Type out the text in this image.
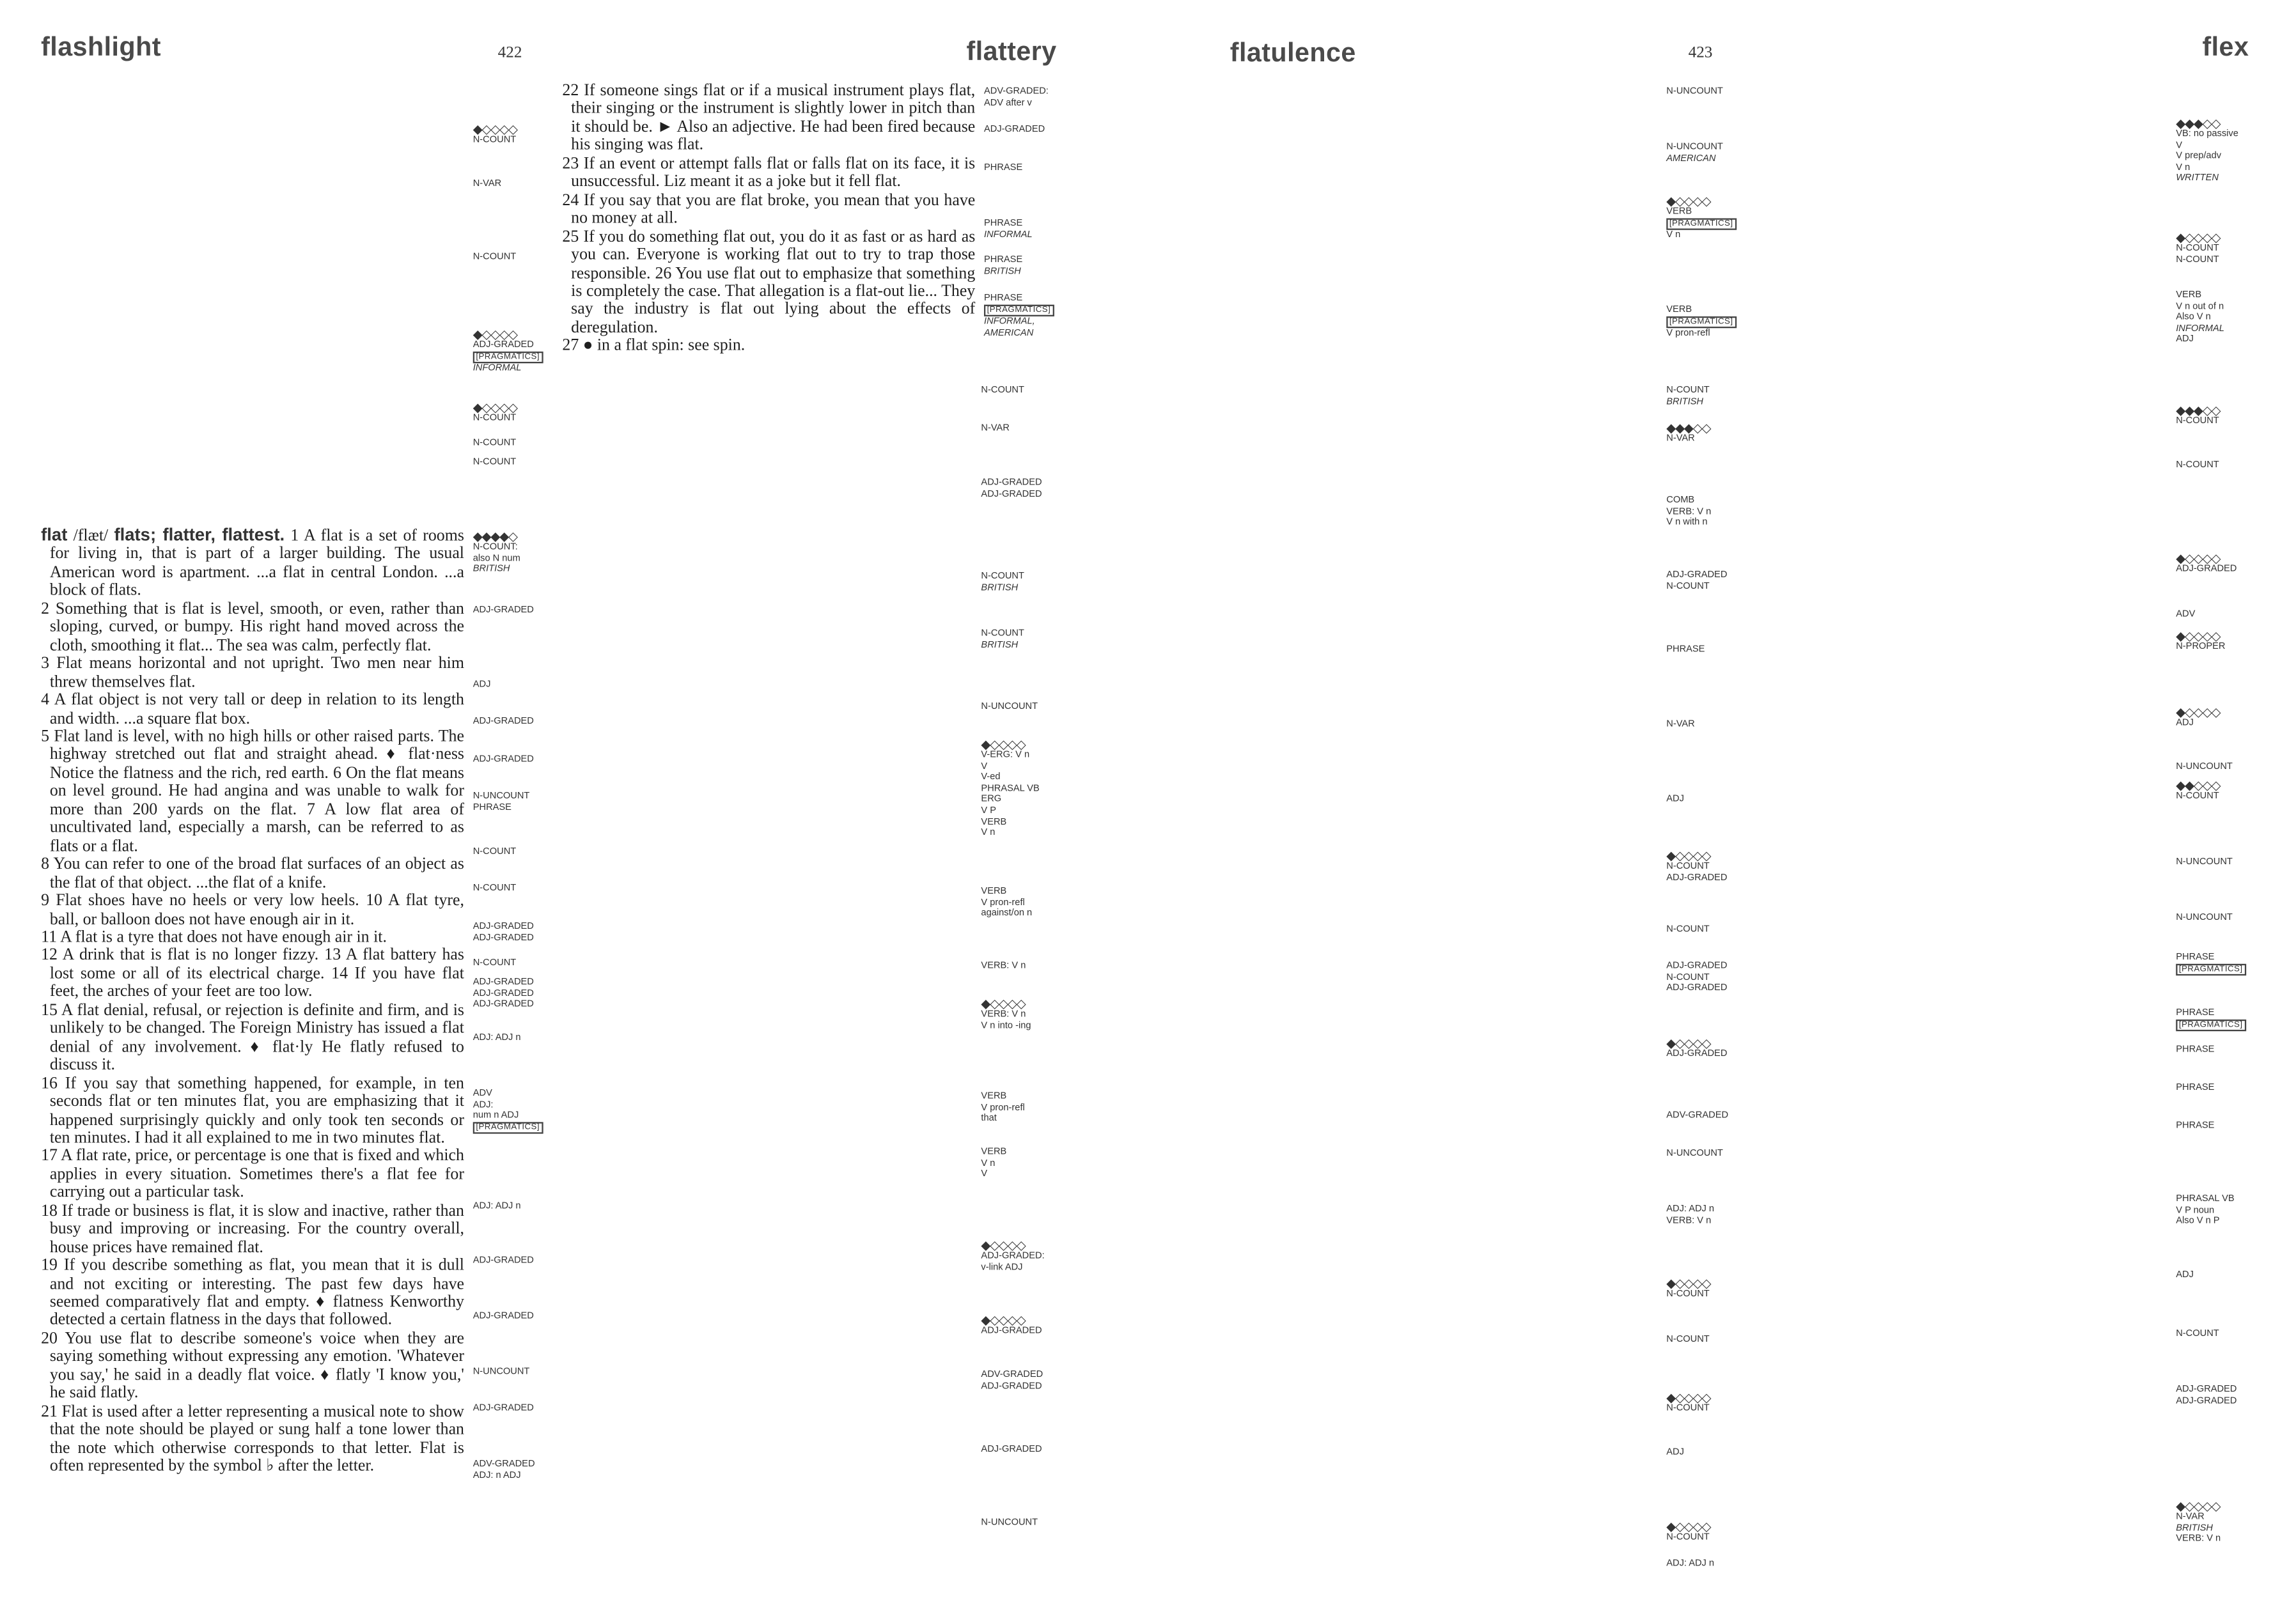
flashlight	422	flattery	flatulence	423	flex

flat /flæt/ flats; flatter, flattest. 1 A flat is a set of rooms for living in, that is part of a larger building. The usual American word is apartment. ...a flat in central London. ...a block of flats.

2 Something that is flat is level, smooth, or even, rather than sloping, curved, or bumpy. His right hand moved across the cloth, smoothing it flat... The sea was calm, perfectly flat.

3 Flat means horizontal and not upright. Two men near him threw themselves flat.

4 A flat object is not very tall or deep in relation to its length and width. ...a square flat box.

5 Flat land is level, with no high hills or other raised parts. The highway stretched out flat and straight ahead. ♦ flat·ness Notice the flatness and the rich, red earth. 6 On the flat means on level ground. He had angina and was unable to walk for more than 200 yards on the flat. 7 A low flat area of uncultivated land, especially a marsh, can be referred to as flats or a flat.

8 You can refer to one of the broad flat surfaces of an object as the flat of that object. ...the flat of a knife.

9 Flat shoes have no heels or very low heels. 10 A flat tyre, ball, or balloon does not have enough air in it.

11 A flat is a tyre that does not have enough air in it.

12 A drink that is flat is no longer fizzy. 13 A flat battery has lost some or all of its electrical charge. 14 If you have flat feet, the arches of your feet are too low.

15 A flat denial, refusal, or rejection is definite and firm, and is unlikely to be changed. The Foreign Ministry has issued a flat denial of any involvement. ♦ flat·ly He flatly refused to discuss it.

16 If you say that something happened, for example, in ten seconds flat or ten minutes flat, you are emphasizing that it happened surprisingly quickly and only took ten seconds or ten minutes. I had it all explained to me in two minutes flat.

17 A flat rate, price, or percentage is one that is fixed and which applies in every situation. Sometimes there's a flat fee for carrying out a particular task.

18 If trade or business is flat, it is slow and inactive, rather than busy and improving or increasing. For the country overall, house prices have remained flat.

19 If you describe something as flat, you mean that it is dull and not exciting or interesting. The past few days have seemed comparatively flat and empty. ♦ flatness Kenworthy detected a certain flatness in the days that followed.

20 You use flat to describe someone's voice when they are saying something without expressing any emotion. 'Whatever you say,' he said in a deadly flat voice. ♦ flatly 'I know you,' he said flatly.

21 Flat is used after a letter representing a musical note to show that the note should be played or sung half a tone lower than the note which otherwise corresponds to that letter. Flat is often represented by the symbol ♭ after the letter.

22 If someone sings flat or if a musical instrument plays flat, their singing or the instrument is slightly lower in pitch than it should be. ► Also an adjective. He had been fired because his singing was flat.

23 If an event or attempt falls flat or falls flat on its face, it is unsuccessful. Liz meant it as a joke but it fell flat.

24 If you say that you are flat broke, you mean that you have no money at all.

25 If you do something flat out, you do it as fast or as hard as you can. Everyone is working flat out to try to trap those responsible. 26 You use flat out to emphasize that something is completely the case. That allegation is a flat-out lie... They say the industry is flat out lying about the effects of deregulation.

27 ● in a flat spin: see spin.

◆◇◇◇◇
N-COUNT
N-VAR
N-COUNT
◆◇◇◇◇
ADJ-GRADED
[PRAGMATICS]
INFORMAL
◆◇◇◇◇
N-COUNT
N-COUNT
N-COUNT
◆◆◆◆◇
N-COUNT:
also N num
BRITISH
ADJ-GRADED
ADJ
ADJ-GRADED
ADJ-GRADED
N-UNCOUNT
PHRASE
N-COUNT
N-COUNT
ADJ-GRADED
ADJ-GRADED
N-COUNT
ADJ-GRADED
ADJ-GRADED
ADJ-GRADED
ADJ: ADJ n
ADV
ADJ:
num n ADJ
[PRAGMATICS]
ADJ: ADJ n
ADJ-GRADED
ADJ-GRADED
N-UNCOUNT
ADJ-GRADED
ADV-GRADED
ADJ: n ADJ
ADV-GRADED:
ADV after v
ADJ-GRADED
PHRASE
PHRASE
INFORMAL
PHRASE
BRITISH
PHRASE
[PRAGMATICS]
INFORMAL,
AMERICAN
N-COUNT
N-VAR
ADJ-GRADED
ADJ-GRADED
N-COUNT
BRITISH
N-COUNT
BRITISH
N-UNCOUNT
◆◇◇◇◇
V-ERG: V n
V
V-ed
PHRASAL VB
ERG
V P
VERB
V n
VERB
V pron-refl
against/on n
VERB: V n
◆◇◇◇◇
VERB: V n
V n into -ing
VERB
V pron-refl
that
VERB
V n
V
◆◇◇◇◇
ADJ-GRADED:
v-link ADJ
◆◇◇◇◇
ADJ-GRADED
ADV-GRADED
ADJ-GRADED
ADJ-GRADED
N-UNCOUNT
N-UNCOUNT
N-UNCOUNT
AMERICAN
◆◇◇◇◇
VERB
[PRAGMATICS]
V n
VERB
[PRAGMATICS]
V pron-refl
N-COUNT
BRITISH
◆◆◆◇◇
N-VAR
COMB
VERB: V n
V n with n
ADJ-GRADED
N-COUNT
PHRASE
N-VAR
ADJ
◆◇◇◇◇
N-COUNT
ADJ-GRADED
N-COUNT
ADJ-GRADED
N-COUNT
ADJ-GRADED
◆◇◇◇◇
ADJ-GRADED
ADV-GRADED
N-UNCOUNT
ADJ: ADJ n
VERB: V n
◆◇◇◇◇
N-COUNT
N-COUNT
◆◇◇◇◇
N-COUNT
ADJ
◆◇◇◇◇
N-COUNT
ADJ: ADJ n
◆◆◆◇◇
VB: no passive
V
V prep/adv
V n
WRITTEN
◆◇◇◇◇
N-COUNT
N-COUNT
VERB
V n out of n
Also V n
INFORMAL
ADJ
◆◆◆◇◇
N-COUNT
N-COUNT
◆◇◇◇◇
ADJ-GRADED
ADV
◆◇◇◇◇
N-PROPER
◆◇◇◇◇
ADJ
N-UNCOUNT
◆◆◇◇◇
N-COUNT
N-UNCOUNT
N-UNCOUNT
PHRASE
[PRAGMATICS]
PHRASE
[PRAGMATICS]
PHRASE
PHRASE
PHRASE
PHRASAL VB
V P noun
Also V n P
ADJ
N-COUNT
ADJ-GRADED
ADJ-GRADED
◆◇◇◇◇
N-VAR
BRITISH
VERB: V n
